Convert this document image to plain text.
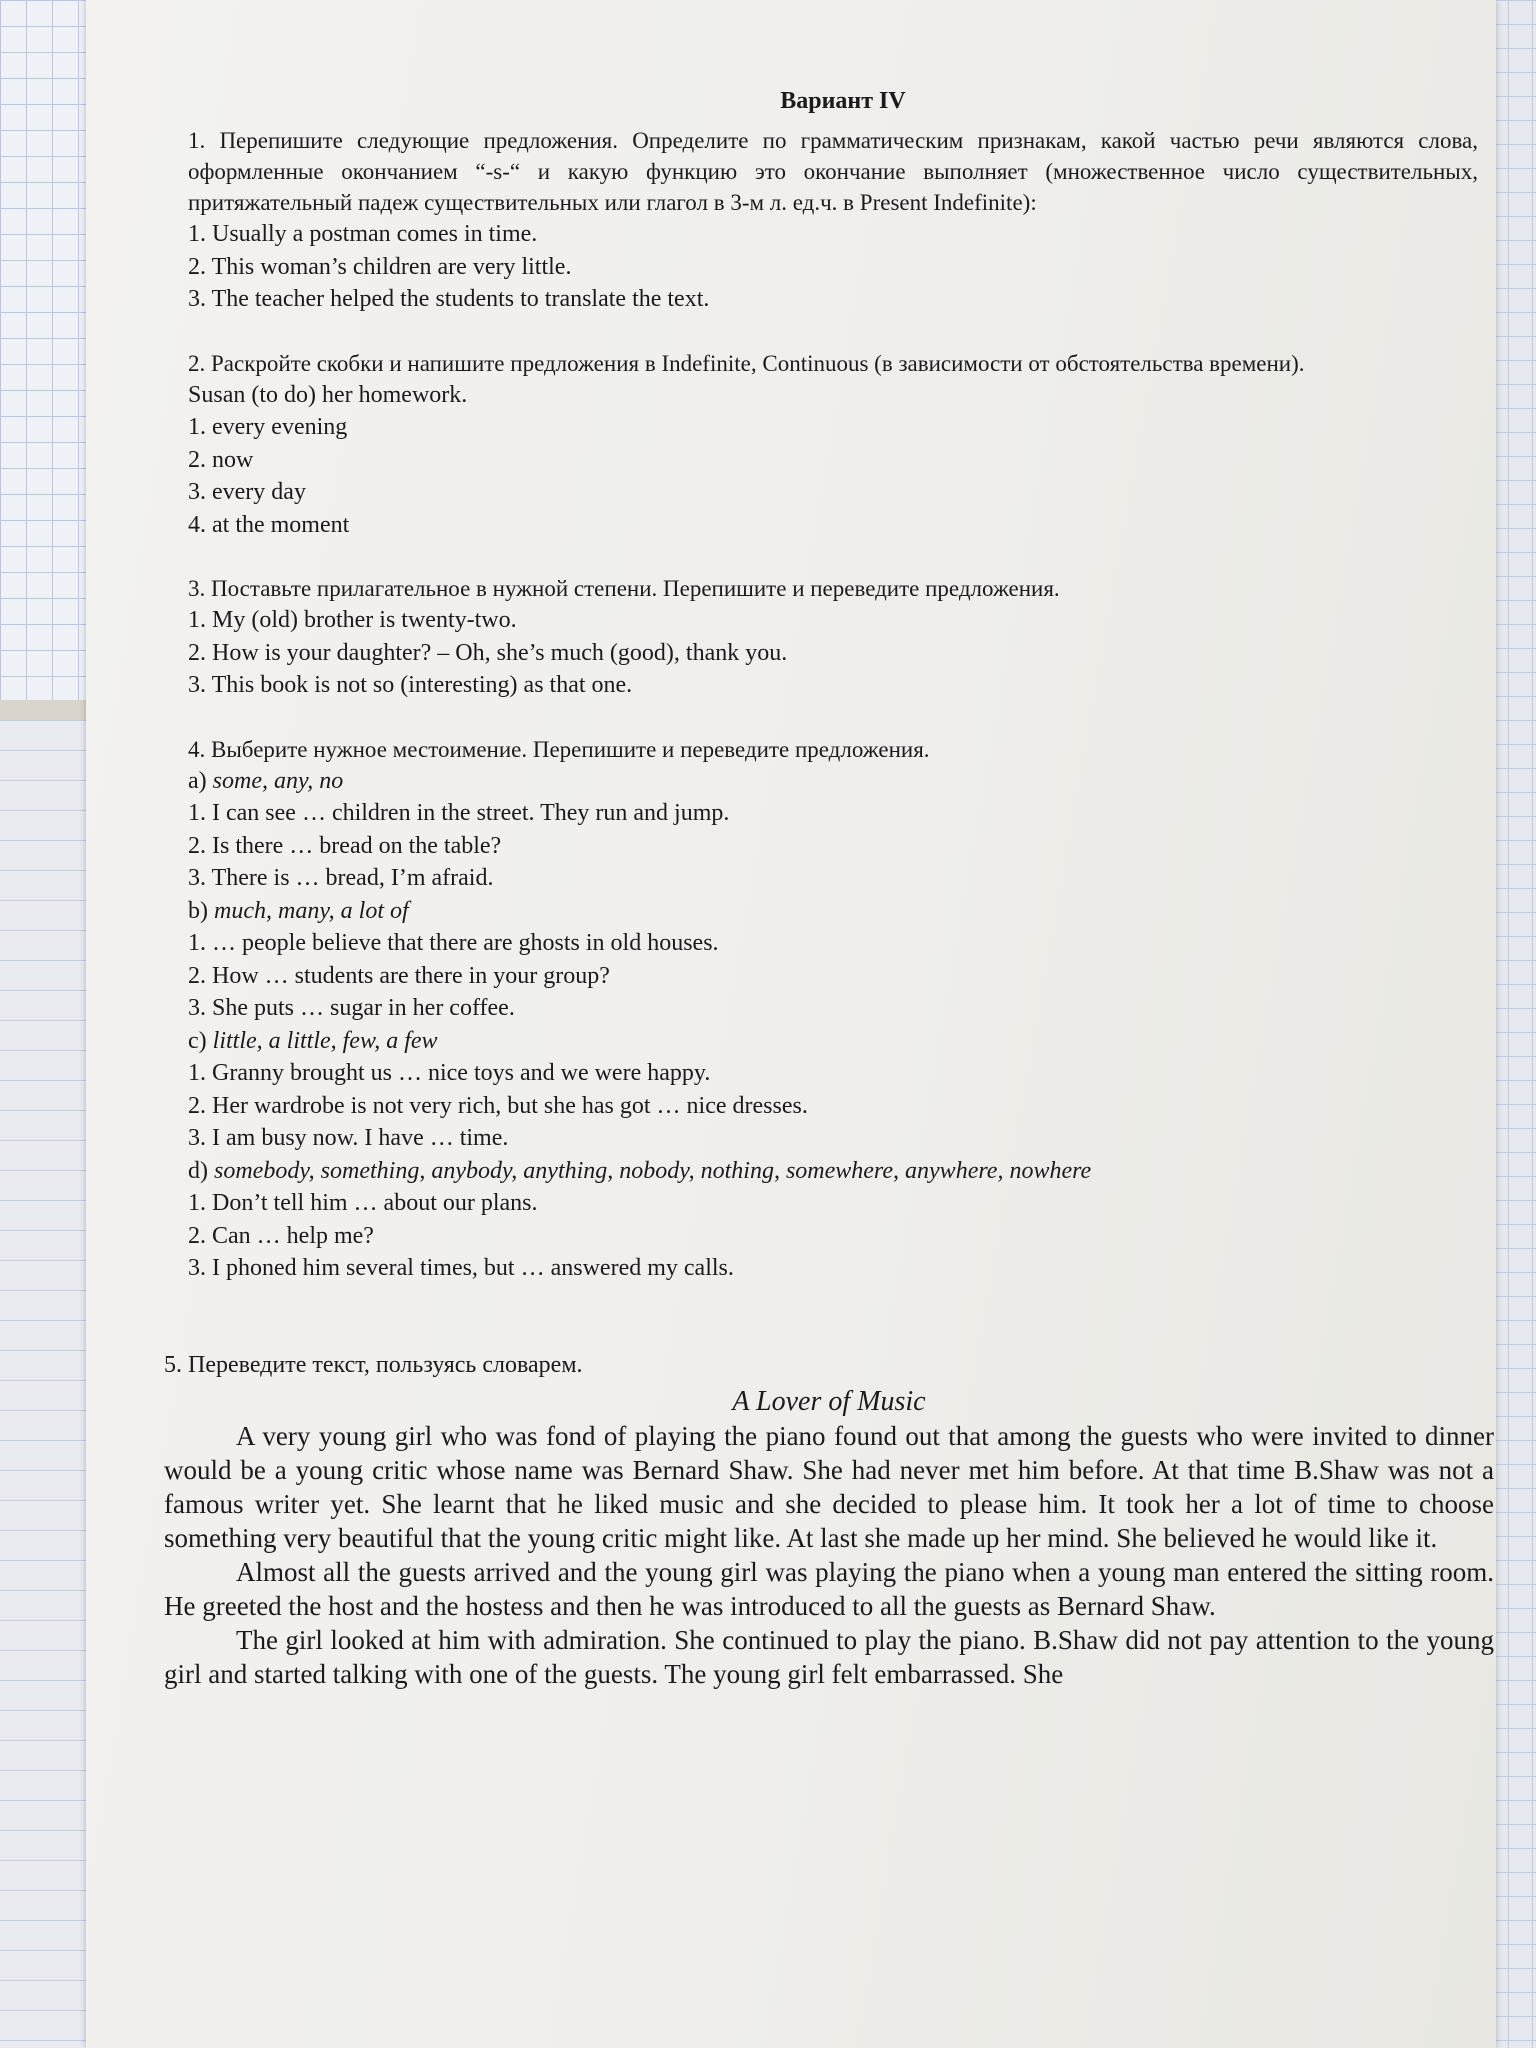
Вариант IV

1. Перепишите следующие предложения. Определите по грамматическим признакам, какой частью речи являются слова, оформленные окончанием “-s-“ и какую функцию это окончание выполняет (множественное число существительных, притяжательный падеж существительных или глагол в 3-м л. ед.ч. в Present Indefinite):

1. Usually a postman comes in time.

2. This woman’s children are very little.

3. The teacher helped the students to translate the text.

2. Раскройте скобки и напишите предложения в Indefinite, Continuous (в зависимости от обстоятельства времени).

Susan (to do) her homework.

1. every evening

2. now

3. every day

4. at the moment

3. Поставьте прилагательное в нужной степени. Перепишите и переведите предложения.

1. My (old) brother is twenty-two.

2. How is your daughter? – Oh, she’s much (good), thank you.

3. This book is not so (interesting) as that one.

4. Выберите нужное местоимение. Перепишите и переведите предложения.

a) some, any, no

1. I can see … children in the street. They run and jump.

2. Is there … bread on the table?

3. There is … bread, I’m afraid.

b) much, many, a lot of

1. … people believe that there are ghosts in old houses.

2. How … students are there in your group?

3. She puts … sugar in her coffee.

c) little, a little, few, a few

1. Granny brought us … nice toys and we were happy.

2. Her wardrobe is not very rich, but she has got … nice dresses.

3. I am busy now. I have … time.

d) somebody, something, anybody, anything, nobody, nothing, somewhere, anywhere, nowhere

1. Don’t tell him … about our plans.

2. Can … help me?

3. I phoned him several times, but … answered my calls.

5. Переведите текст, пользуясь словарем.

A Lover of Music

A very young girl who was fond of playing the piano found out that among the guests who were invited to dinner would be a young critic whose name was Bernard Shaw. She had never met him before. At that time B.Shaw was not a famous writer yet. She learnt that he liked music and she decided to please him. It took her a lot of time to choose something very beautiful that the young critic might like. At last she made up her mind. She believed he would like it.

Almost all the guests arrived and the young girl was playing the piano when a young man entered the sitting room. He greeted the host and the hostess and then he was introduced to all the guests as Bernard Shaw.

The girl looked at him with admiration. She continued to play the piano. B.Shaw did not pay attention to the young girl and started talking with one of the guests. The young girl felt embarrassed. She
